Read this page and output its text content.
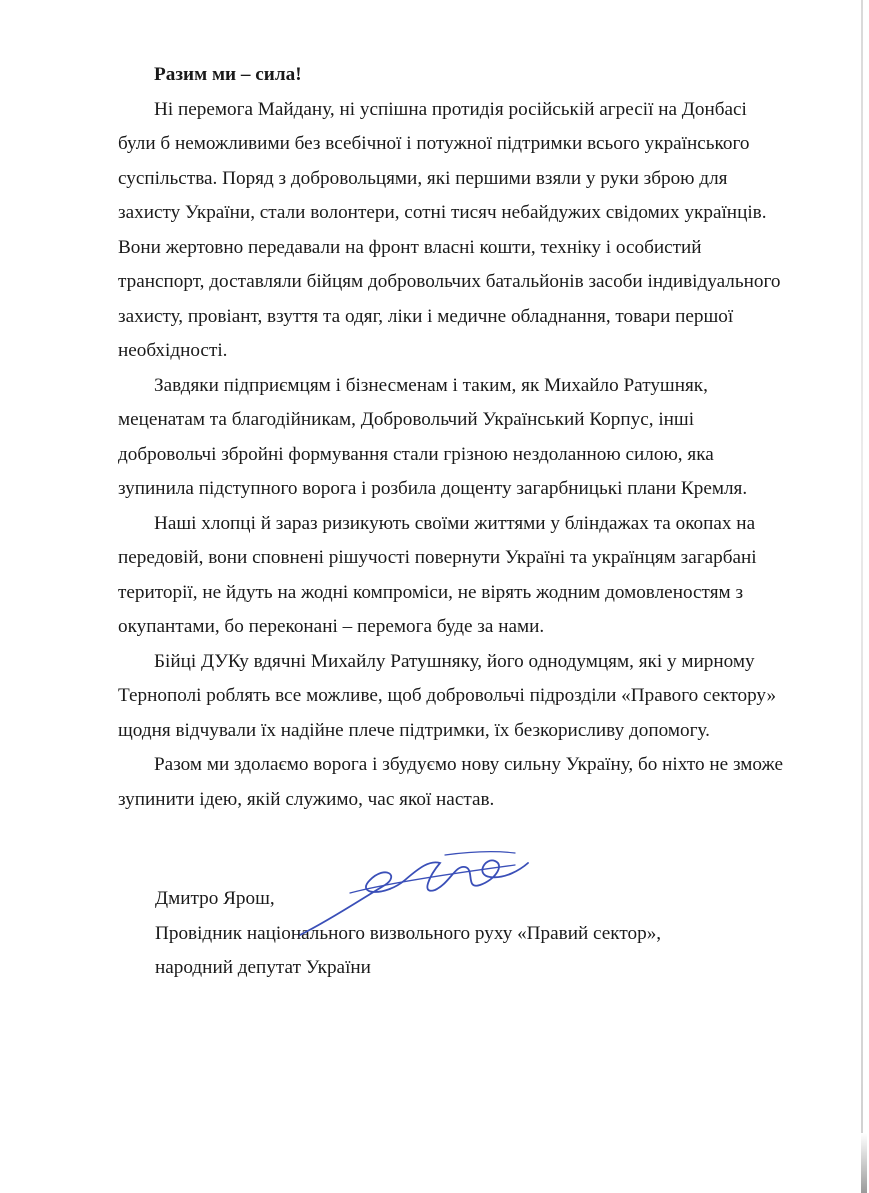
Разим ми – сила!
Ні перемога Майдану, ні успішна протидія російській агресії на Донбасі були б неможливими без всебічної і потужної підтримки всього українського суспільства. Поряд з добровольцями, які першими взяли у руки зброю для захисту України, стали волонтери, сотні тисяч небайдужих свідомих українців. Вони жертовно передавали на фронт власні кошти, техніку і особистий транспорт, доставляли бійцям добровольчих батальйонів засоби індивідуального захисту, провіант, взуття та одяг, ліки і медичне обладнання, товари першої необхідності.
Завдяки підприємцям і бізнесменам і таким, як Михайло Ратушняк, меценатам та благодійникам, Добровольчий Український Корпус, інші добровольчі збройні формування стали грізною нездоланною силою, яка зупинила підступного ворога і розбила дощенту загарбницькі плани Кремля.
Наші хлопці й зараз ризикують своїми життями у бліндажах та окопах на передовій, вони сповнені рішучості повернути Україні та українцям загарбані території, не йдуть на жодні компроміси, не вірять жодним домовленостям з окупантами, бо переконані – перемога буде за нами.
Бійці ДУКу вдячні Михайлу Ратушняку, його однодумцям, які у мирному Тернополі роблять все можливе, щоб добровольчі підрозділи «Правого сектору» щодня відчували їх надійне плече підтримки, їх безкорисливу допомогу.
Разом ми здолаємо ворога і збудуємо нову сильну Україну, бо ніхто не зможе зупинити ідею, якій служимо, час якої настав.
Дмитро Ярош,
Провідник національного визвольного руху «Правий сектор»,
народний депутат України
